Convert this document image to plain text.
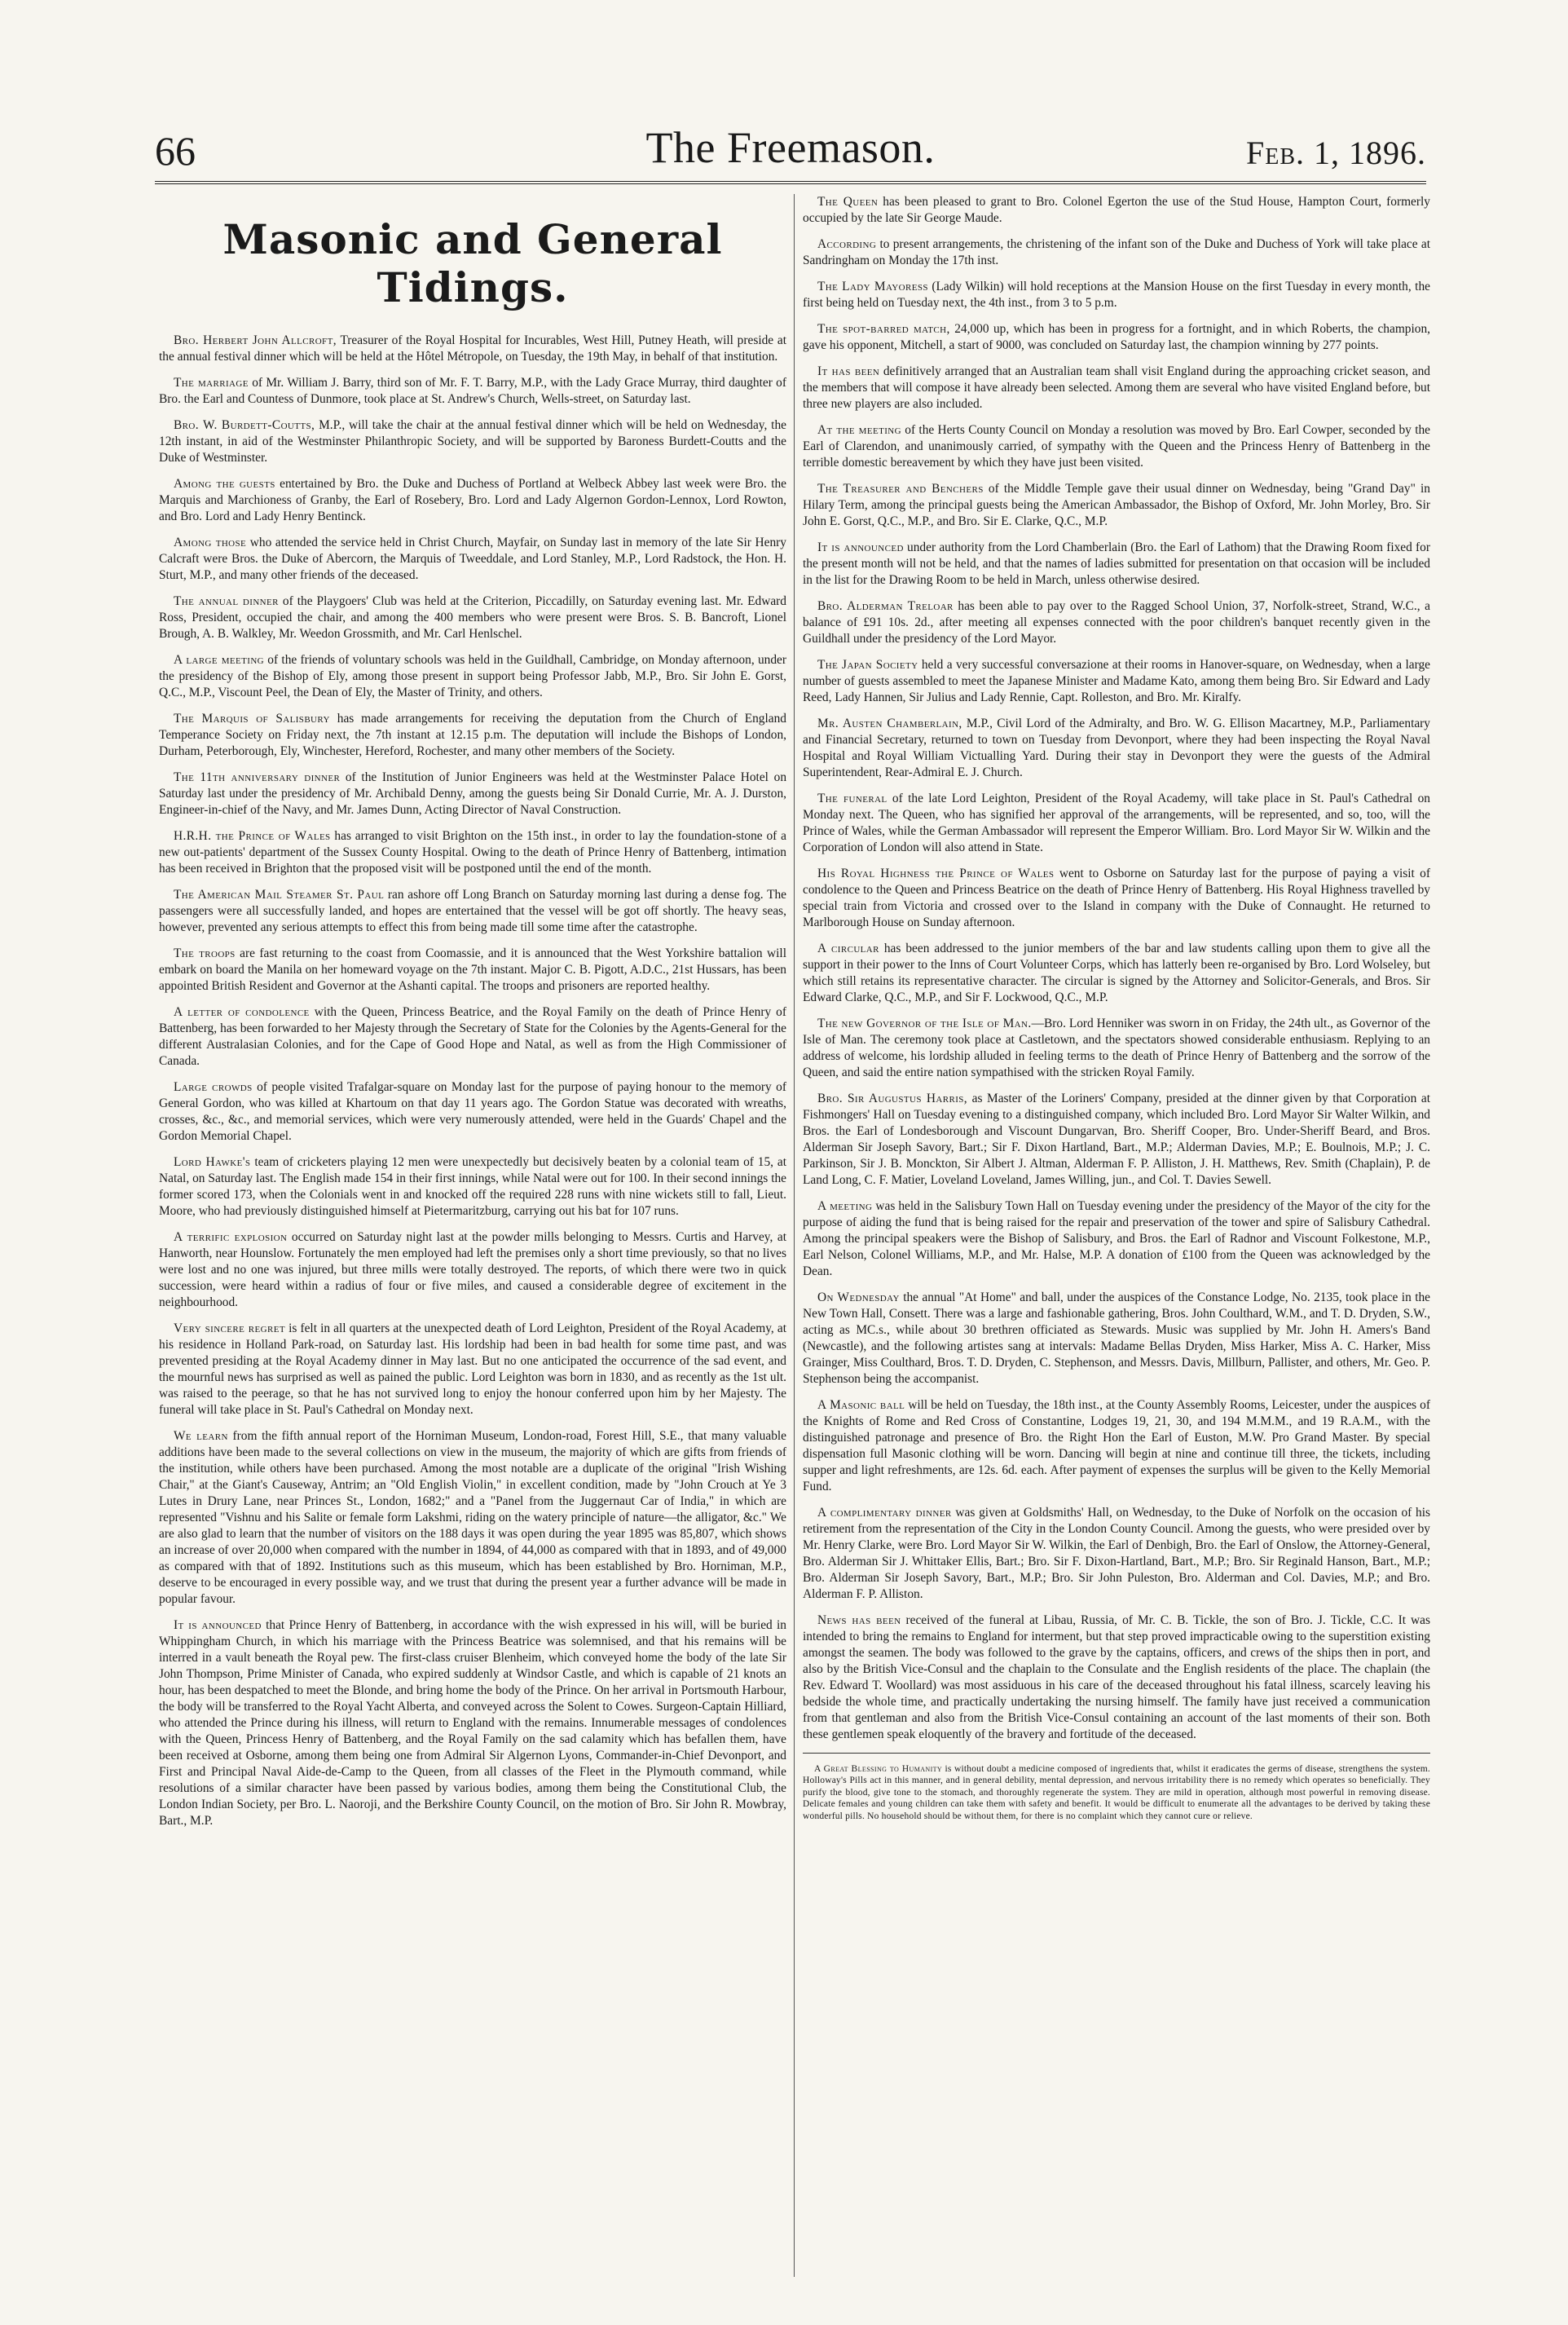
66	The Freemason.	Feb. 1, 1896.
Masonic and General Tidings.

Bro. Herbert John Allcroft, Treasurer of the Royal Hospital for Incurables, West Hill, Putney Heath, will preside at the annual festival dinner which will be held at the Hôtel Métropole, on Tuesday, the 19th May, in behalf of that institution.

The marriage of Mr. William J. Barry, third son of Mr. F. T. Barry, M.P., with the Lady Grace Murray, third daughter of Bro. the Earl and Countess of Dunmore, took place at St. Andrew's Church, Wells-street, on Saturday last.

Bro. W. Burdett-Coutts, M.P., will take the chair at the annual festival dinner which will be held on Wednesday, the 12th instant, in aid of the Westminster Philanthropic Society, and will be supported by Baroness Burdett-Coutts and the Duke of Westminster.

Among the guests entertained by Bro. the Duke and Duchess of Portland at Welbeck Abbey last week were Bro. the Marquis and Marchioness of Granby, the Earl of Rosebery, Bro. Lord and Lady Algernon Gordon-Lennox, Lord Rowton, and Bro. Lord and Lady Henry Bentinck.

Among those who attended the service held in Christ Church, Mayfair, on Sunday last in memory of the late Sir Henry Calcraft were Bros. the Duke of Abercorn, the Marquis of Tweeddale, and Lord Stanley, M.P., Lord Radstock, the Hon. H. Sturt, M.P., and many other friends of the deceased.

The annual dinner of the Playgoers' Club was held at the Criterion, Piccadilly, on Saturday evening last. Mr. Edward Ross, President, occupied the chair, and among the 400 members who were present were Bros. S. B. Bancroft, Lionel Brough, A. B. Walkley, Mr. Weedon Grossmith, and Mr. Carl Henlschel.

A large meeting of the friends of voluntary schools was held in the Guildhall, Cambridge, on Monday afternoon, under the presidency of the Bishop of Ely, among those present in support being Professor Jabb, M.P., Bro. Sir John E. Gorst, Q.C., M.P., Viscount Peel, the Dean of Ely, the Master of Trinity, and others.

The Marquis of Salisbury has made arrangements for receiving the deputation from the Church of England Temperance Society on Friday next, the 7th instant at 12.15 p.m. The deputation will include the Bishops of London, Durham, Peterborough, Ely, Winchester, Hereford, Rochester, and many other members of the Society.

The 11th anniversary dinner of the Institution of Junior Engineers was held at the Westminster Palace Hotel on Saturday last under the presidency of Mr. Archibald Denny, among the guests being Sir Donald Currie, Mr. A. J. Durston, Engineer-in-chief of the Navy, and Mr. James Dunn, Acting Director of Naval Construction.

H.R.H. the Prince of Wales has arranged to visit Brighton on the 15th inst., in order to lay the foundation-stone of a new out-patients' department of the Sussex County Hospital. Owing to the death of Prince Henry of Battenberg, intimation has been received in Brighton that the proposed visit will be postponed until the end of the month.

The American Mail Steamer St. Paul ran ashore off Long Branch on Saturday morning last during a dense fog. The passengers were all successfully landed, and hopes are entertained that the vessel will be got off shortly. The heavy seas, however, prevented any serious attempts to effect this from being made till some time after the catastrophe.

The troops are fast returning to the coast from Coomassie, and it is announced that the West Yorkshire battalion will embark on board the Manila on her homeward voyage on the 7th instant. Major C. B. Pigott, A.D.C., 21st Hussars, has been appointed British Resident and Governor at the Ashanti capital. The troops and prisoners are reported healthy.

A letter of condolence with the Queen, Princess Beatrice, and the Royal Family on the death of Prince Henry of Battenberg, has been forwarded to her Majesty through the Secretary of State for the Colonies by the Agents-General for the different Australasian Colonies, and for the Cape of Good Hope and Natal, as well as from the High Commissioner of Canada.

Large crowds of people visited Trafalgar-square on Monday last for the purpose of paying honour to the memory of General Gordon, who was killed at Khartoum on that day 11 years ago. The Gordon Statue was decorated with wreaths, crosses, &c., &c., and memorial services, which were very numerously attended, were held in the Guards' Chapel and the Gordon Memorial Chapel.

Lord Hawke's team of cricketers playing 12 men were unexpectedly but decisively beaten by a colonial team of 15, at Natal, on Saturday last. The English made 154 in their first innings, while Natal were out for 100. In their second innings the former scored 173, when the Colonials went in and knocked off the required 228 runs with nine wickets still to fall, Lieut. Moore, who had previously distinguished himself at Pietermaritzburg, carrying out his bat for 107 runs.

A terrific explosion occurred on Saturday night last at the powder mills belonging to Messrs. Curtis and Harvey, at Hanworth, near Hounslow. Fortunately the men employed had left the premises only a short time previously, so that no lives were lost and no one was injured, but three mills were totally destroyed. The reports, of which there were two in quick succession, were heard within a radius of four or five miles, and caused a considerable degree of excitement in the neighbourhood.

Very sincere regret is felt in all quarters at the unexpected death of Lord Leighton, President of the Royal Academy, at his residence in Holland Park-road, on Saturday last. His lordship had been in bad health for some time past, and was prevented presiding at the Royal Academy dinner in May last. But no one anticipated the occurrence of the sad event, and the mournful news has surprised as well as pained the public. Lord Leighton was born in 1830, and as recently as the 1st ult. was raised to the peerage, so that he has not survived long to enjoy the honour conferred upon him by her Majesty. The funeral will take place in St. Paul's Cathedral on Monday next.

We learn from the fifth annual report of the Horniman Museum, London-road, Forest Hill, S.E., that many valuable additions have been made to the several collections on view in the museum, the majority of which are gifts from friends of the institution, while others have been purchased. Among the most notable are a duplicate of the original "Irish Wishing Chair," at the Giant's Causeway, Antrim; an "Old English Violin," in excellent condition, made by "John Crouch at Ye 3 Lutes in Drury Lane, near Princes St., London, 1682;" and a "Panel from the Juggernaut Car of India," in which are represented "Vishnu and his Salite or female form Lakshmi, riding on the watery principle of nature—the alligator, &c." We are also glad to learn that the number of visitors on the 188 days it was open during the year 1895 was 85,807, which shows an increase of over 20,000 when compared with the number in 1894, of 44,000 as compared with that in 1893, and of 49,000 as compared with that of 1892. Institutions such as this museum, which has been established by Bro. Horniman, M.P., deserve to be encouraged in every possible way, and we trust that during the present year a further advance will be made in popular favour.

It is announced that Prince Henry of Battenberg, in accordance with the wish expressed in his will, will be buried in Whippingham Church, in which his marriage with the Princess Beatrice was solemnised, and that his remains will be interred in a vault beneath the Royal pew. The first-class cruiser Blenheim, which conveyed home the body of the late Sir John Thompson, Prime Minister of Canada, who expired suddenly at Windsor Castle, and which is capable of 21 knots an hour, has been despatched to meet the Blonde, and bring home the body of the Prince. On her arrival in Portsmouth Harbour, the body will be transferred to the Royal Yacht Alberta, and conveyed across the Solent to Cowes. Surgeon-Captain Hilliard, who attended the Prince during his illness, will return to England with the remains. Innumerable messages of condolences with the Queen, Princess Henry of Battenberg, and the Royal Family on the sad calamity which has befallen them, have been received at Osborne, among them being one from Admiral Sir Algernon Lyons, Commander-in-Chief Devonport, and First and Principal Naval Aide-de-Camp to the Queen, from all classes of the Fleet in the Plymouth command, while resolutions of a similar character have been passed by various bodies, among them being the Constitutional Club, the London Indian Society, per Bro. L. Naoroji, and the Berkshire County Council, on the motion of Bro. Sir John R. Mowbray, Bart., M.P.

The Queen has been pleased to grant to Bro. Colonel Egerton the use of the Stud House, Hampton Court, formerly occupied by the late Sir George Maude.

According to present arrangements, the christening of the infant son of the Duke and Duchess of York will take place at Sandringham on Monday the 17th inst.

The Lady Mayoress (Lady Wilkin) will hold receptions at the Mansion House on the first Tuesday in every month, the first being held on Tuesday next, the 4th inst., from 3 to 5 p.m.

The spot-barred match, 24,000 up, which has been in progress for a fortnight, and in which Roberts, the champion, gave his opponent, Mitchell, a start of 9000, was concluded on Saturday last, the champion winning by 277 points.

It has been definitively arranged that an Australian team shall visit England during the approaching cricket season, and the members that will compose it have already been selected. Among them are several who have visited England before, but three new players are also included.

At the meeting of the Herts County Council on Monday a resolution was moved by Bro. Earl Cowper, seconded by the Earl of Clarendon, and unanimously carried, of sympathy with the Queen and the Princess Henry of Battenberg in the terrible domestic bereavement by which they have just been visited.

The Treasurer and Benchers of the Middle Temple gave their usual dinner on Wednesday, being "Grand Day" in Hilary Term, among the principal guests being the American Ambassador, the Bishop of Oxford, Mr. John Morley, Bro. Sir John E. Gorst, Q.C., M.P., and Bro. Sir E. Clarke, Q.C., M.P.

It is announced under authority from the Lord Chamberlain (Bro. the Earl of Lathom) that the Drawing Room fixed for the present month will not be held, and that the names of ladies submitted for presentation on that occasion will be included in the list for the Drawing Room to be held in March, unless otherwise desired.

Bro. Alderman Treloar has been able to pay over to the Ragged School Union, 37, Norfolk-street, Strand, W.C., a balance of £91 10s. 2d., after meeting all expenses connected with the poor children's banquet recently given in the Guildhall under the presidency of the Lord Mayor.

The Japan Society held a very successful conversazione at their rooms in Hanover-square, on Wednesday, when a large number of guests assembled to meet the Japanese Minister and Madame Kato, among them being Bro. Sir Edward and Lady Reed, Lady Hannen, Sir Julius and Lady Rennie, Capt. Rolleston, and Bro. Mr. Kiralfy.

Mr. Austen Chamberlain, M.P., Civil Lord of the Admiralty, and Bro. W. G. Ellison Macartney, M.P., Parliamentary and Financial Secretary, returned to town on Tuesday from Devonport, where they had been inspecting the Royal Naval Hospital and Royal William Victualling Yard. During their stay in Devonport they were the guests of the Admiral Superintendent, Rear-Admiral E. J. Church.

The funeral of the late Lord Leighton, President of the Royal Academy, will take place in St. Paul's Cathedral on Monday next. The Queen, who has signified her approval of the arrangements, will be represented, and so, too, will the Prince of Wales, while the German Ambassador will represent the Emperor William. Bro. Lord Mayor Sir W. Wilkin and the Corporation of London will also attend in State.

His Royal Highness the Prince of Wales went to Osborne on Saturday last for the purpose of paying a visit of condolence to the Queen and Princess Beatrice on the death of Prince Henry of Battenberg. His Royal Highness travelled by special train from Victoria and crossed over to the Island in company with the Duke of Connaught. He returned to Marlborough House on Sunday afternoon.

A circular has been addressed to the junior members of the bar and law students calling upon them to give all the support in their power to the Inns of Court Volunteer Corps, which has latterly been re-organised by Bro. Lord Wolseley, but which still retains its representative character. The circular is signed by the Attorney and Solicitor-Generals, and Bros. Sir Edward Clarke, Q.C., M.P., and Sir F. Lockwood, Q.C., M.P.

The new Governor of the Isle of Man.—Bro. Lord Henniker was sworn in on Friday, the 24th ult., as Governor of the Isle of Man. The ceremony took place at Castletown, and the spectators showed considerable enthusiasm. Replying to an address of welcome, his lordship alluded in feeling terms to the death of Prince Henry of Battenberg and the sorrow of the Queen, and said the entire nation sympathised with the stricken Royal Family.

Bro. Sir Augustus Harris, as Master of the Loriners' Company, presided at the dinner given by that Corporation at Fishmongers' Hall on Tuesday evening to a distinguished company, which included Bro. Lord Mayor Sir Walter Wilkin, and Bros. the Earl of Londesborough and Viscount Dungarvan, Bro. Sheriff Cooper, Bro. Under-Sheriff Beard, and Bros. Alderman Sir Joseph Savory, Bart.; Sir F. Dixon Hartland, Bart., M.P.; Alderman Davies, M.P.; E. Boulnois, M.P.; J. C. Parkinson, Sir J. B. Monckton, Sir Albert J. Altman, Alderman F. P. Alliston, J. H. Matthews, Rev. Smith (Chaplain), P. de Land Long, C. F. Matier, Loveland Loveland, James Willing, jun., and Col. T. Davies Sewell.

A meeting was held in the Salisbury Town Hall on Tuesday evening under the presidency of the Mayor of the city for the purpose of aiding the fund that is being raised for the repair and preservation of the tower and spire of Salisbury Cathedral. Among the principal speakers were the Bishop of Salisbury, and Bros. the Earl of Radnor and Viscount Folkestone, M.P., Earl Nelson, Colonel Williams, M.P., and Mr. Halse, M.P. A donation of £100 from the Queen was acknowledged by the Dean.

On Wednesday the annual "At Home" and ball, under the auspices of the Constance Lodge, No. 2135, took place in the New Town Hall, Consett. There was a large and fashionable gathering, Bros. John Coulthard, W.M., and T. D. Dryden, S.W., acting as MC.s., while about 30 brethren officiated as Stewards. Music was supplied by Mr. John H. Amers's Band (Newcastle), and the following artistes sang at intervals: Madame Bellas Dryden, Miss Harker, Miss A. C. Harker, Miss Grainger, Miss Coulthard, Bros. T. D. Dryden, C. Stephenson, and Messrs. Davis, Millburn, Pallister, and others, Mr. Geo. P. Stephenson being the accompanist.

A Masonic ball will be held on Tuesday, the 18th inst., at the County Assembly Rooms, Leicester, under the auspices of the Knights of Rome and Red Cross of Constantine, Lodges 19, 21, 30, and 194 M.M.M., and 19 R.A.M., with the distinguished patronage and presence of Bro. the Right Hon the Earl of Euston, M.W. Pro Grand Master. By special dispensation full Masonic clothing will be worn. Dancing will begin at nine and continue till three, the tickets, including supper and light refreshments, are 12s. 6d. each. After payment of expenses the surplus will be given to the Kelly Memorial Fund.

A complimentary dinner was given at Goldsmiths' Hall, on Wednesday, to the Duke of Norfolk on the occasion of his retirement from the representation of the City in the London County Council. Among the guests, who were presided over by Mr. Henry Clarke, were Bro. Lord Mayor Sir W. Wilkin, the Earl of Denbigh, Bro. the Earl of Onslow, the Attorney-General, Bro. Alderman Sir J. Whittaker Ellis, Bart.; Bro. Sir F. Dixon-Hartland, Bart., M.P.; Bro. Sir Reginald Hanson, Bart., M.P.; Bro. Alderman Sir Joseph Savory, Bart., M.P.; Bro. Sir John Puleston, Bro. Alderman and Col. Davies, M.P.; and Bro. Alderman F. P. Alliston.

News has been received of the funeral at Libau, Russia, of Mr. C. B. Tickle, the son of Bro. J. Tickle, C.C. It was intended to bring the remains to England for interment, but that step proved impracticable owing to the superstition existing amongst the seamen. The body was followed to the grave by the captains, officers, and crews of the ships then in port, and also by the British Vice-Consul and the chaplain to the Consulate and the English residents of the place. The chaplain (the Rev. Edward T. Woollard) was most assiduous in his care of the deceased throughout his fatal illness, scarcely leaving his bedside the whole time, and practically undertaking the nursing himself. The family have just received a communication from that gentleman and also from the British Vice-Consul containing an account of the last moments of their son. Both these gentlemen speak eloquently of the bravery and fortitude of the deceased.

A Great Blessing to Humanity is without doubt a medicine composed of ingredients that, whilst it eradicates the germs of disease, strengthens the system. Holloway's Pills act in this manner, and in general debility, mental depression, and nervous irritability there is no remedy which operates so beneficially. They purify the blood, give tone to the stomach, and thoroughly regenerate the system. They are mild in operation, although most powerful in removing disease. Delicate females and young children can take them with safety and benefit. It would be difficult to enumerate all the advantages to be derived by taking these wonderful pills. No household should be without them, for there is no complaint which they cannot cure or relieve.
